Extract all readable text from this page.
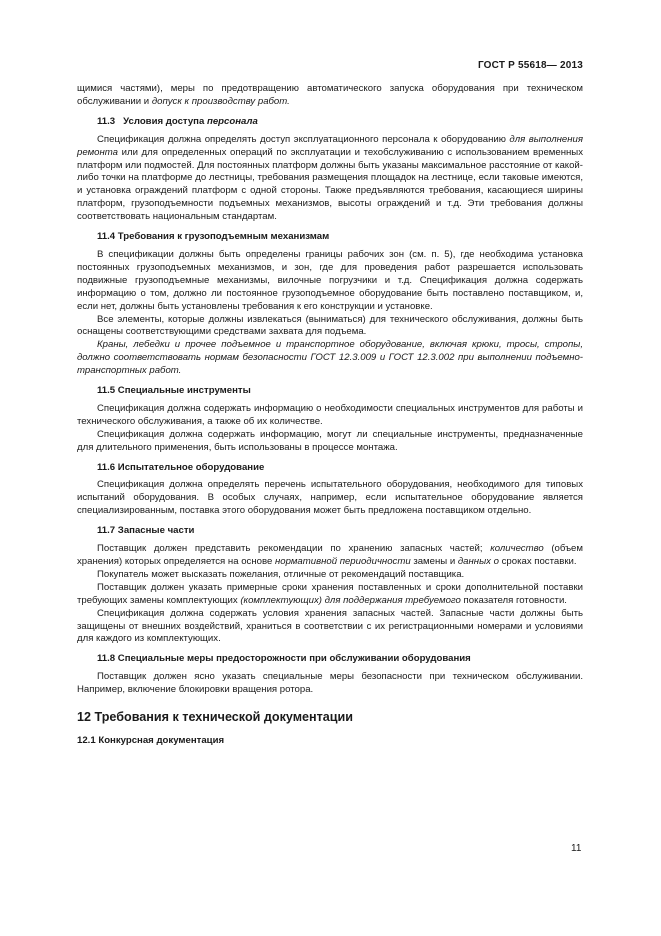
ГОСТ Р 55618— 2013

щимися частями), меры по предотвращению автоматического запуска оборудования при техническом обслуживании и допуск к производству работ.

11.3 Условия доступа персонала

Спецификация должна определять доступ эксплуатационного персонала к оборудованию для выполнения ремонта или для определенных операций по эксплуатации и техобслуживанию с использованием временных платформ или подмостей. Для постоянных платформ должны быть указаны максимальное расстояние от какой-либо точки на платформе до лестницы, требования размещения площадок на лестнице, если таковые имеются, и установка ограждений платформ с одной стороны. Также предъявляются требования, касающиеся ширины платформ, грузоподъемности подъемных механизмов, высоты ограждений и т.д. Эти требования должны соответствовать национальным стандартам.

11.4 Требования к грузоподъемным механизмам

В спецификации должны быть определены границы рабочих зон (см. п. 5), где необходима установка постоянных грузоподъемных механизмов, и зон, где для проведения работ разрешается использовать подвижные грузоподъемные механизмы, вилочные погрузчики и т.д. Спецификация должна содержать информацию о том, должно ли постоянное грузоподъемное оборудование быть поставлено поставщиком, и, если нет, должны быть установлены требования к его конструкции и установке.

Все элементы, которые должны извлекаться (выниматься) для технического обслуживания, должны быть оснащены соответствующими средствами захвата для подъема.

Краны, лебедки и прочее подъемное и транспортное оборудование, включая крюки, тросы, стропы, должно соответствовать нормам безопасности ГОСТ 12.3.009 и ГОСТ 12.3.002 при выполнении подъемно-транспортных работ.

11.5 Специальные инструменты

Спецификация должна содержать информацию о необходимости специальных инструментов для работы и технического обслуживания, а также об их количестве.

Спецификация должна содержать информацию, могут ли специальные инструменты, предназначенные для длительного применения, быть использованы в процессе монтажа.

11.6 Испытательное оборудование

Спецификация должна определять перечень испытательного оборудования, необходимого для типовых испытаний оборудования. В особых случаях, например, если испытательное оборудование является специализированным, поставка этого оборудования может быть предложена поставщиком отдельно.

11.7 Запасные части

Поставщик должен представить рекомендации по хранению запасных частей; количество (объем хранения) которых определяется на основе нормативной периодичности замены и данных о сроках поставки.

Покупатель может высказать пожелания, отличные от рекомендаций поставщика.

Поставщик должен указать примерные сроки хранения поставленных и сроки дополнительной поставки требующих замены комплектующих (комплектующих) для поддержания требуемого показателя готовности.

Спецификация должна содержать условия хранения запасных частей. Запасные части должны быть защищены от внешних воздействий, храниться в соответствии с их регистрационными номерами и условиями для каждого из комплектующих.

11.8 Специальные меры предосторожности при обслуживании оборудования

Поставщик должен ясно указать специальные меры безопасности при техническом обслуживании. Например, включение блокировки вращения ротора.

12 Требования к технической документации

12.1 Конкурсная документация

11
